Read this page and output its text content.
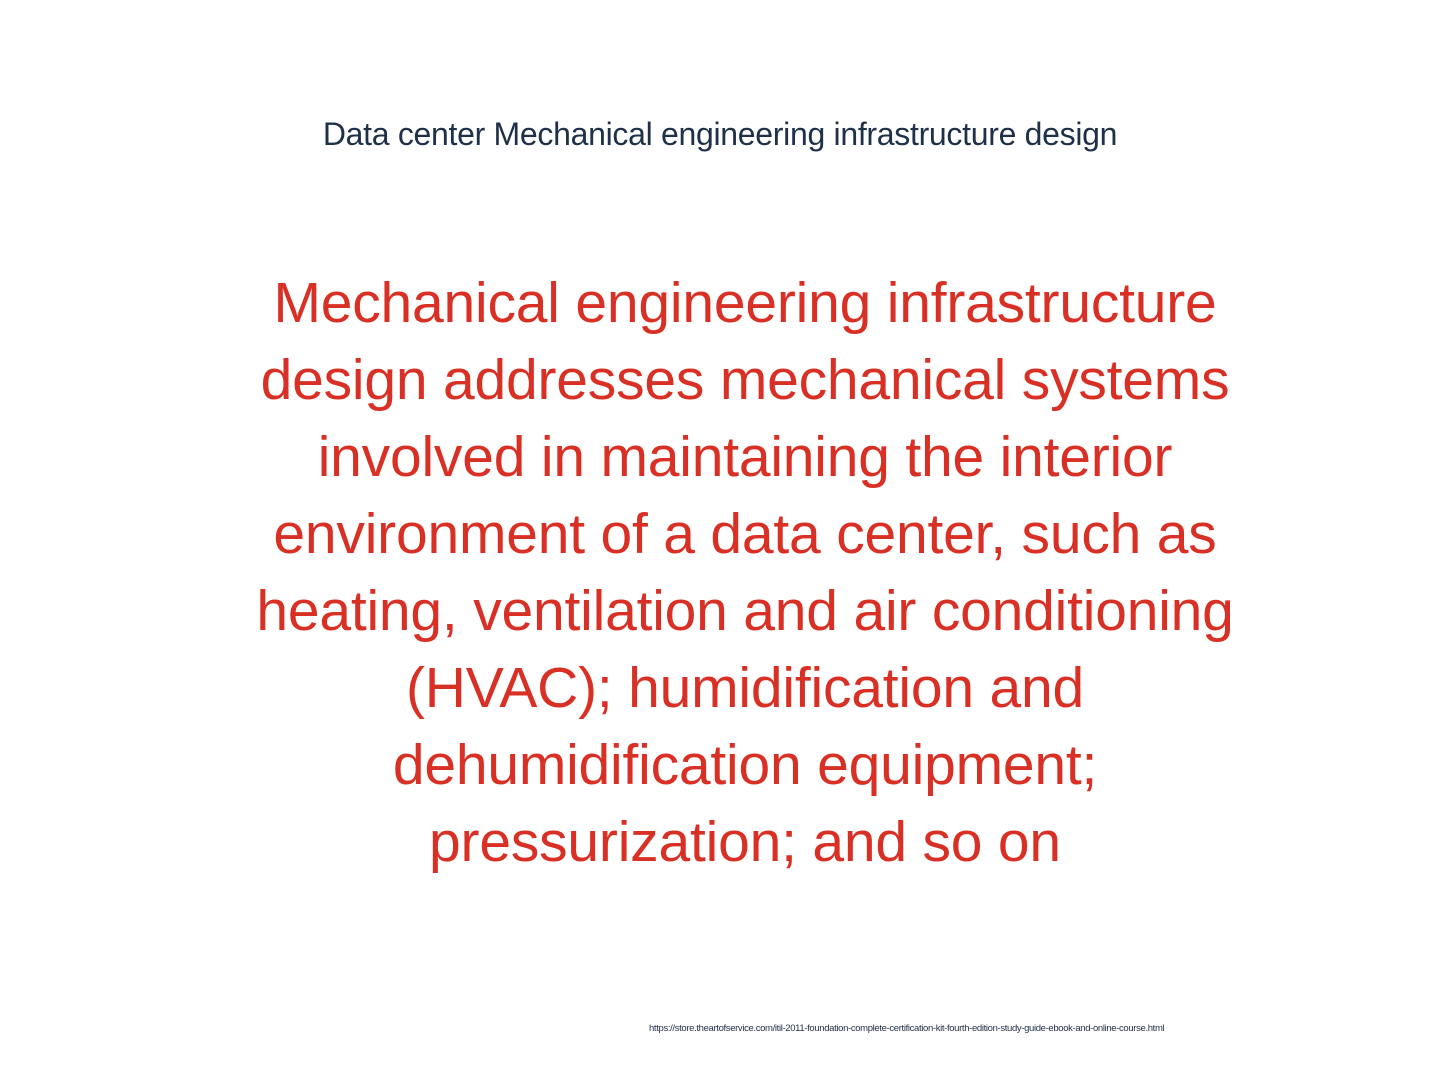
Data center Mechanical engineering infrastructure design
Mechanical engineering infrastructure
design addresses mechanical systems
involved in maintaining the interior
environment of a data center, such as
heating, ventilation and air conditioning
(HVAC); humidification and
dehumidification equipment;
pressurization; and so on
https://store.theartofservice.com/itil-2011-foundation-complete-certification-kit-fourth-edition-study-guide-ebook-and-online-course.html
